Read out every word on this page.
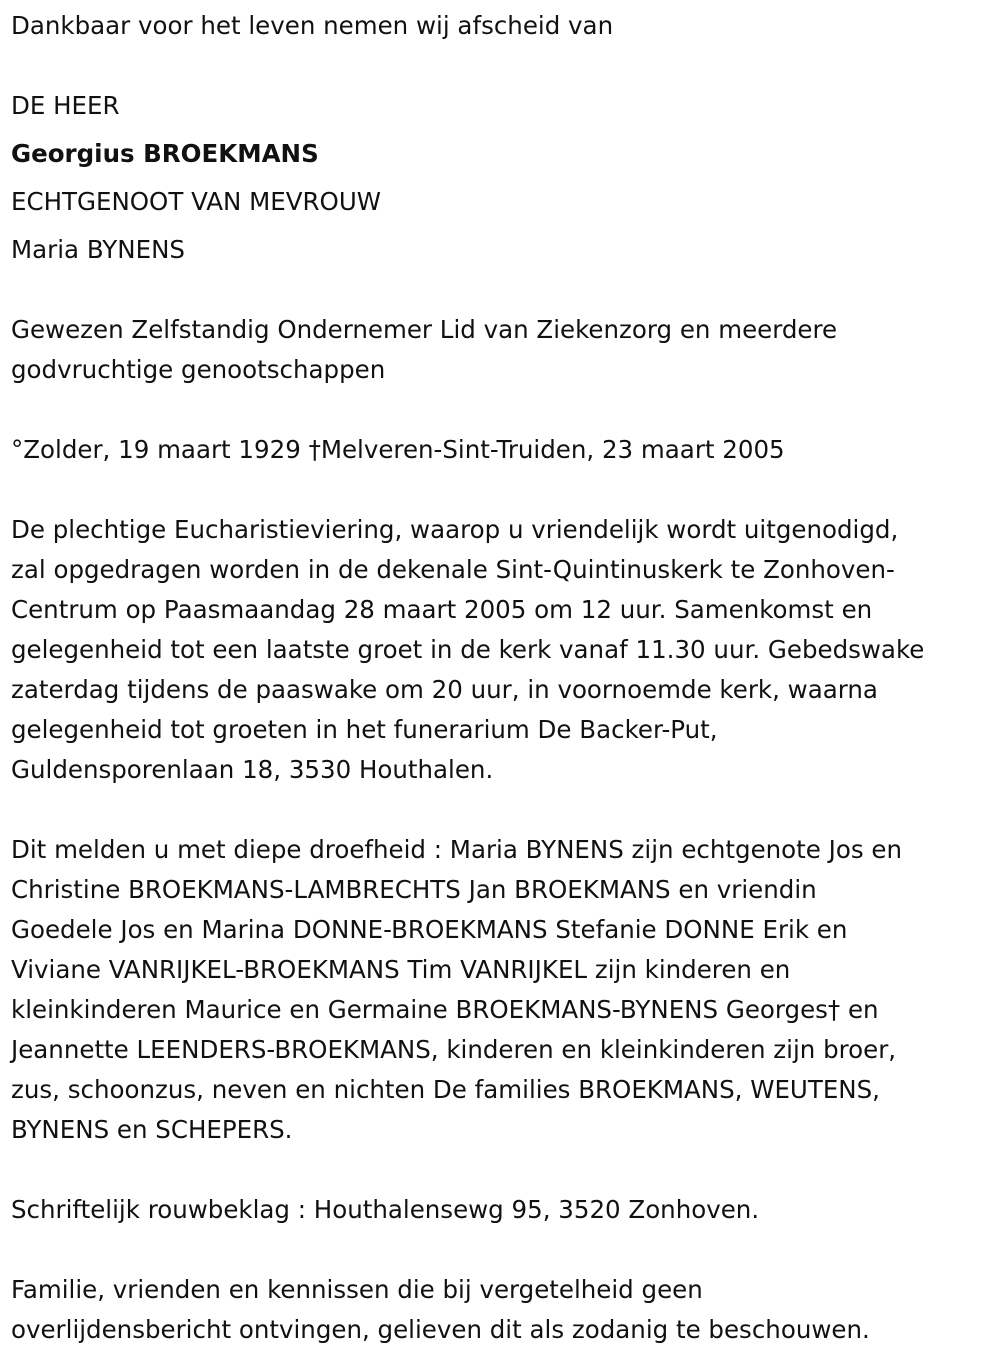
Dankbaar voor het leven nemen wij afscheid van
DE HEER
Georgius BROEKMANS
ECHTGENOOT VAN MEVROUW
Maria BYNENS
Gewezen Zelfstandig Ondernemer Lid van Ziekenzorg en meerdere
godvruchtige genootschappen
°Zolder, 19 maart 1929 †Melveren-Sint-Truiden, 23 maart 2005
De plechtige Eucharistieviering, waarop u vriendelijk wordt uitgenodigd,
zal opgedragen worden in de dekenale Sint-Quintinuskerk te Zonhoven-
Centrum op Paasmaandag 28 maart 2005 om 12 uur. Samenkomst en
gelegenheid tot een laatste groet in de kerk vanaf 11.30 uur. Gebedswake
zaterdag tijdens de paaswake om 20 uur, in voornoemde kerk, waarna
gelegenheid tot groeten in het funerarium De Backer-Put,
Guldensporenlaan 18, 3530 Houthalen.
Dit melden u met diepe droefheid : Maria BYNENS zijn echtgenote Jos en
Christine BROEKMANS-LAMBRECHTS Jan BROEKMANS en vriendin
Goedele Jos en Marina DONNE-BROEKMANS Stefanie DONNE Erik en
Viviane VANRIJKEL-BROEKMANS Tim VANRIJKEL zijn kinderen en
kleinkinderen Maurice en Germaine BROEKMANS-BYNENS Georges† en
Jeannette LEENDERS-BROEKMANS, kinderen en kleinkinderen zijn broer,
zus, schoonzus, neven en nichten De families BROEKMANS, WEUTENS,
BYNENS en SCHEPERS.
Schriftelijk rouwbeklag : Houthalensewg 95, 3520 Zonhoven.
Familie, vrienden en kennissen die bij vergetelheid geen
overlijdensbericht ontvingen, gelieven dit als zodanig te beschouwen.
